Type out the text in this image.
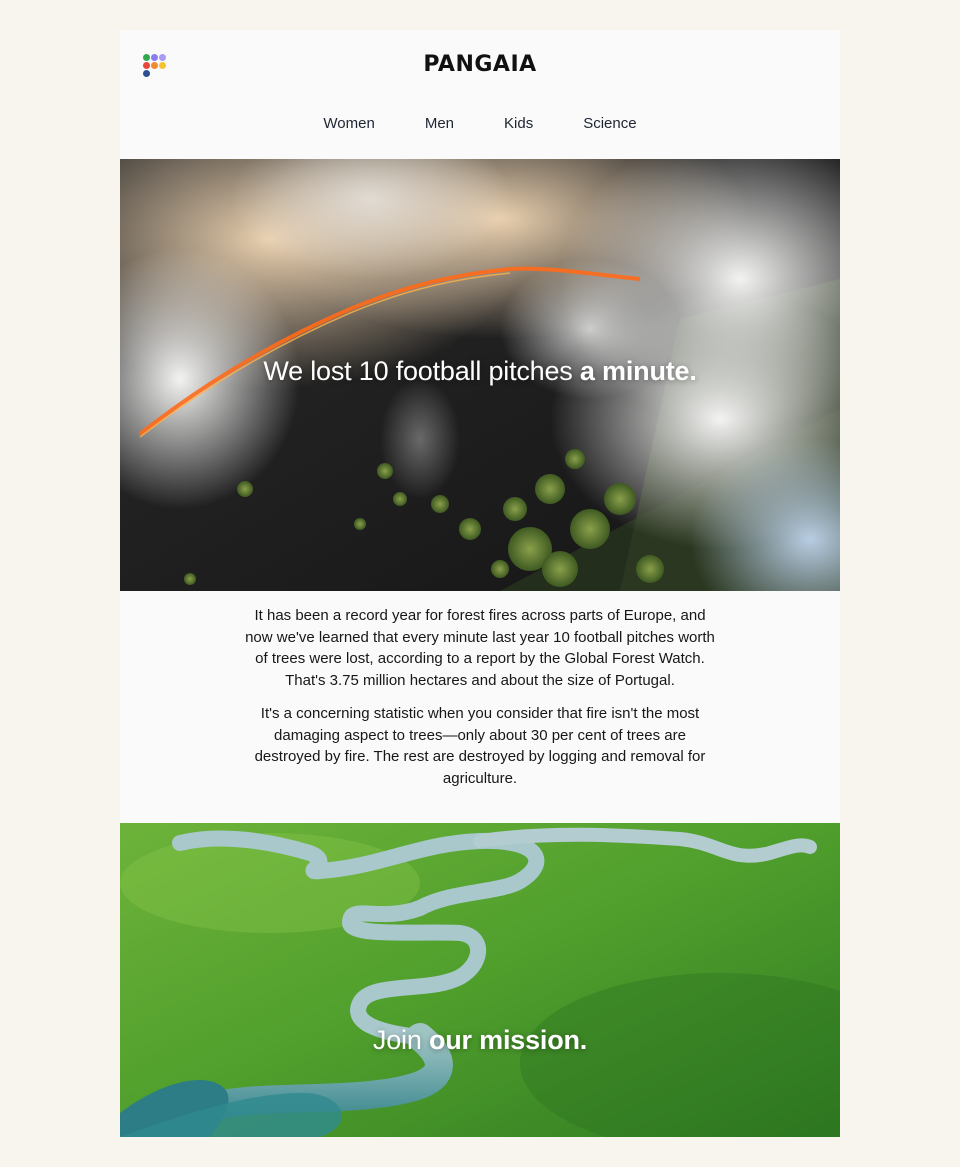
PANGAIA
Women	Men	Kids	Science
We lost 10 football pitches a minute.

It has been a record year for forest fires across parts of Europe, and now we've learned that every minute last year 10 football pitches worth of trees were lost, according to a report by the Global Forest Watch. That's 3.75 million hectares and about the size of Portugal.

It's a concerning statistic when you consider that fire isn't the most damaging aspect to trees—only about 30 per cent of trees are destroyed by fire. The rest are destroyed by logging and removal for agriculture.

Join our mission.
